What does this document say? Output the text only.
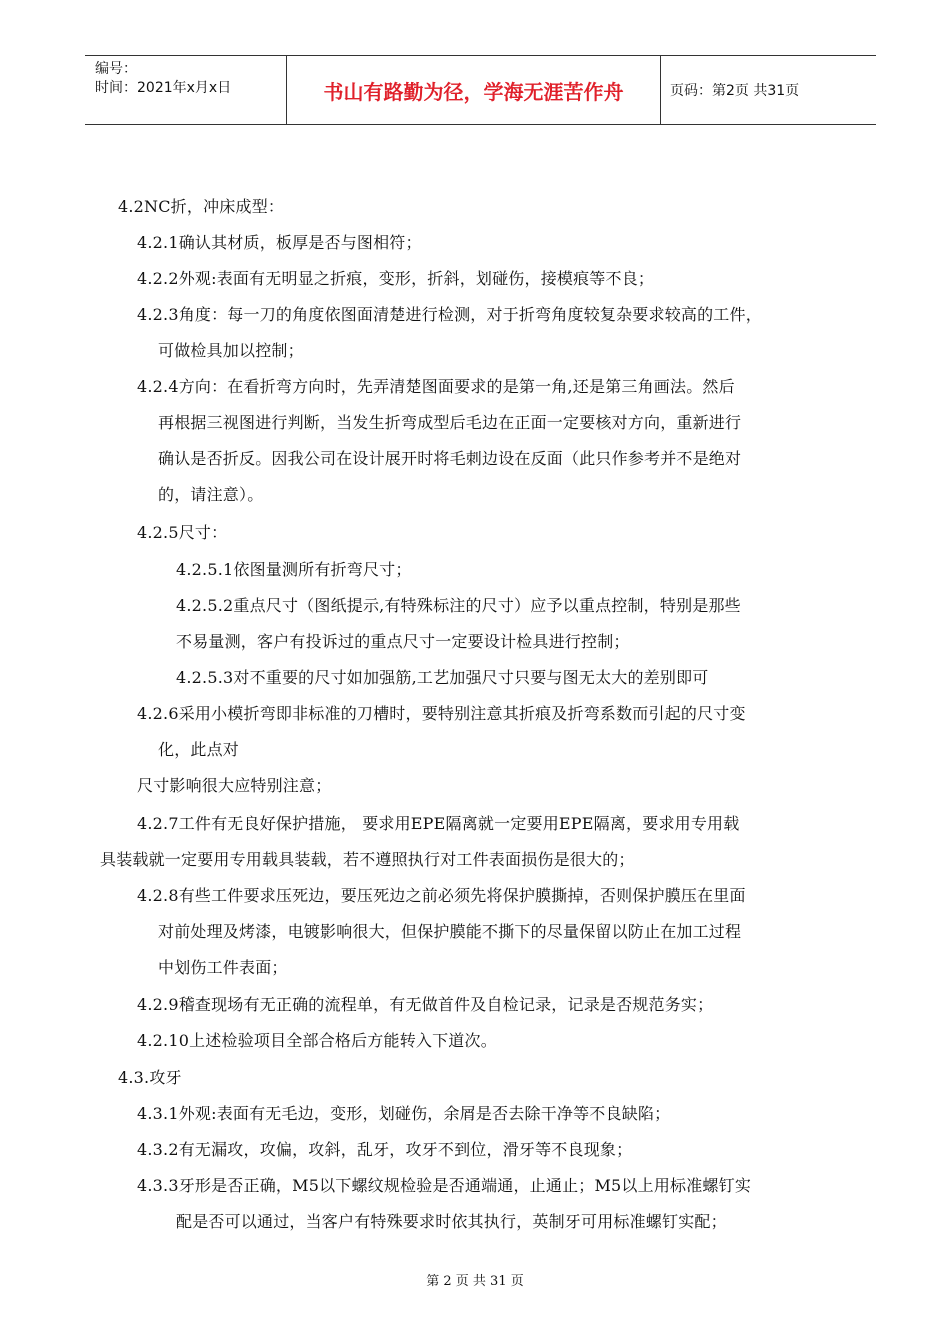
编号：
时间：2021年x月x日	书山有路勤为径，学海无涯苦作舟	页码：第2页 共31页
4.2NC折，冲床成型：
4.2.1确认其材质，板厚是否与图相符；
4.2.2外观:表面有无明显之折痕，变形，折斜，划碰伤，接模痕等不良；
4.2.3角度：每一刀的角度依图面清楚进行检测，对于折弯角度较复杂要求较高的工件，
可做检具加以控制；
4.2.4方向：在看折弯方向时，先弄清楚图面要求的是第一角,还是第三角画法。然后
再根据三视图进行判断，当发生折弯成型后毛边在正面一定要核对方向，重新进行
确认是否折反。因我公司在设计展开时将毛刺边设在反面（此只作参考并不是绝对
的，请注意）。
4.2.5尺寸：
4.2.5.1依图量测所有折弯尺寸；
4.2.5.2重点尺寸（图纸提示,有特殊标注的尺寸）应予以重点控制，特别是那些
不易量测，客户有投诉过的重点尺寸一定要设计检具进行控制；
4.2.5.3对不重要的尺寸如加强筋,工艺加强尺寸只要与图无太大的差别即可
4.2.6采用小模折弯即非标准的刀槽时，要特别注意其折痕及折弯系数而引起的尺寸变
化，此点对
尺寸影响很大应特别注意；
4.2.7工件有无良好保护措施， 要求用EPE隔离就一定要用EPE隔离，要求用专用载
具装载就一定要用专用载具装载，若不遵照执行对工件表面损伤是很大的；
4.2.8有些工件要求压死边，要压死边之前必须先将保护膜撕掉，否则保护膜压在里面
对前处理及烤漆，电镀影响很大，但保护膜能不撕下的尽量保留以防止在加工过程
中划伤工件表面；
4.2.9稽查现场有无正确的流程单，有无做首件及自检记录，记录是否规范务实；
4.2.10上述检验项目全部合格后方能转入下道次。
4.3.攻牙
4.3.1外观:表面有无毛边，变形，划碰伤，余屑是否去除干净等不良缺陷；
4.3.2有无漏攻，攻偏，攻斜，乱牙，攻牙不到位，滑牙等不良现象；
4.3.3牙形是否正确，M5以下螺纹规检验是否通端通，止通止；M5以上用标准螺钉实
配是否可以通过，当客户有特殊要求时依其执行，英制牙可用标准螺钉实配；
第 2 页 共 31 页
